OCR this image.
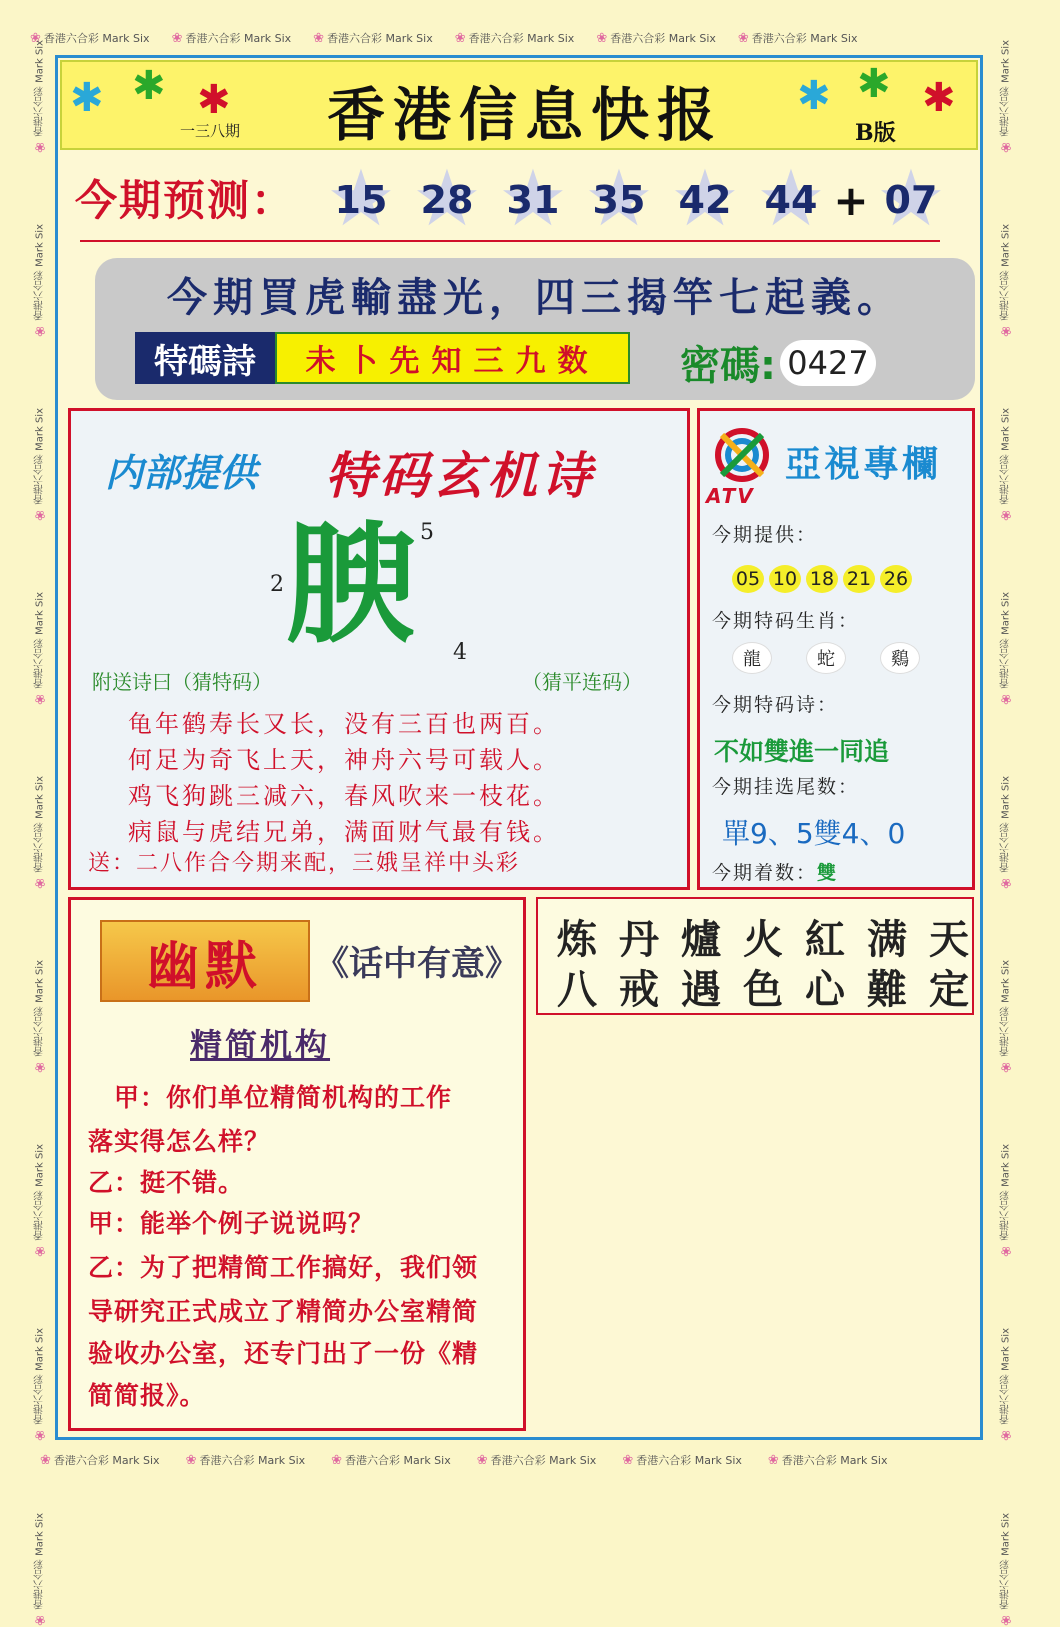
❀ 香港六合彩 Mark Six ❀ 香港六合彩 Mark Six ❀ 香港六合彩 Mark Six ❀ 香港六合彩 Mark Six ❀ 香港六合彩 Mark Six ❀ 香港六合彩 Mark Six
❀ 香港六合彩 Mark Six ❀ 香港六合彩 Mark Six ❀ 香港六合彩 Mark Six ❀ 香港六合彩 Mark Six ❀ 香港六合彩 Mark Six ❀ 香港六合彩 Mark Six
❀
香港六合彩 Mark Six
❀
香港六合彩 Mark Six
❀
香港六合彩 Mark Six
❀
香港六合彩 Mark Six
❀
香港六合彩 Mark Six
❀
香港六合彩 Mark Six
❀
香港六合彩 Mark Six
❀
香港六合彩 Mark Six
❀
香港六合彩 Mark Six
❀
香港六合彩 Mark Six
❀
香港六合彩 Mark Six
❀
香港六合彩 Mark Six
❀
香港六合彩 Mark Six
❀
香港六合彩 Mark Six
❀
香港六合彩 Mark Six
❀
香港六合彩 Mark Six
❀
香港六合彩 Mark Six
❀
香港六合彩 Mark Six
✱ ✱ ✱	✱ ✱ ✱
香港信息快报
一三八期	B版
今期预测： ★ 15 ★ 28 ★ 31 ★ 35 ★ 42 ★ 44 + ★ 07
今期買虎輸盡光，四三揭竿七起義。
特碼詩	未卜先知三九数	密碼: 0427
内部提供 特码玄机诗
腴 5
2
4
附送诗曰（猜特码）	（猜平连码）
龟年鹤寿长又长，没有三百也两百。
何足为奇飞上天，神舟六号可载人。
鸡飞狗跳三减六，春风吹来一枝花。
病鼠与虎结兄弟，满面财气最有钱。
送：二八作合今期来配，三娥呈祥中头彩
ATV
亞視專欄
今期提供：
05 10 18 21 26
今期特码生肖：
龍	蛇	鷄
今期特码诗：
不如雙進一同追
今期挂选尾数：
單9、5雙4、0
今期着数：雙
幽默	《话中有意》
精简机构
　甲：你们单位精简机构的工作
落实得怎么样？
乙：挺不错。
甲：能举个例子说说吗？
乙：为了把精简工作搞好，我们领
导研究正式成立了精简办公室精简
验收办公室，还专门出了一份《精
简简报》。
炼 丹 爐 火 紅 满 天
八 戒 遇 色 心 難 定
